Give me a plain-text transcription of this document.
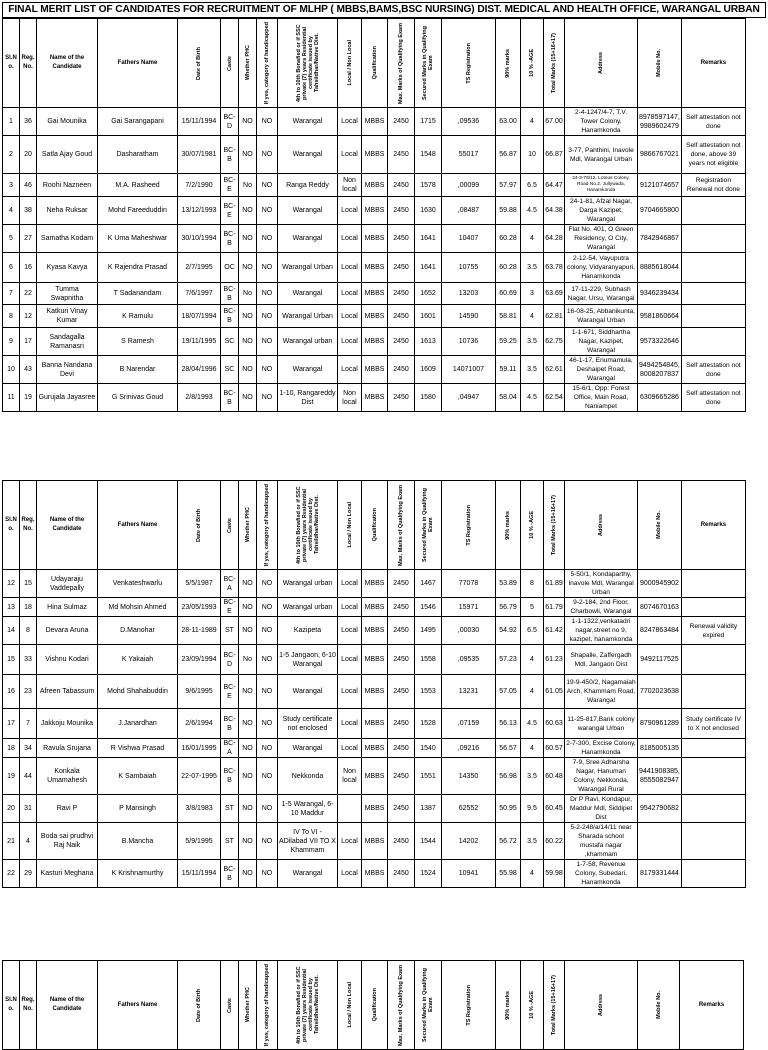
FINAL MERIT LIST OF CANDIDATES FOR RECRUITMENT OF MLHP ( MBBS,BAMS,BSC NURSING) DIST. MEDICAL AND HEALTH OFFICE, WARANGAL URBAN
Sl.N o.	Reg. No.	Name of the Candidate	Fathers Name	Date of Birth	Caste	Whether PHC	If yes, category of handicapped	4th to 10th Bonafied or if SSC private (7) years Residential certificate issued by Tahsildhar/Native Dist.	Local / Non Local	Qualification	Max. Marks of Qualifying Exam	Secured Marks in Qualifying Exam	TS Registration	90% marks	10 % -AGE	Total Marks (15+16+17)	Address	Mobile No.	Remarks
1	36	Gai Mounika	Gai Sarangapani	15/11/1994	BC-D	NO	NO	Warangal	Local	MBBS	2450	1715	,09536	63.00	4	67.00	2-4-1247/4-7, T.V. Tower Colony, Hanamkonda	8978597147, 9989602479	Self attestation not done
2	20	Satla Ajay Goud	Dasharatham	30/07/1981	BC-B	NO	NO	Warangal	Local	MBBS	2450	1548	55017	56.87	10	66.87	3-77, Panthini, Inavole Mdl, Warangal Urban	9866767021	Self attestation not done, above 39 years not eligible
3	46	Roohi Nazneen	M.A. Rasheed	7/2/1990	BC-E	No	NO	Ranga Reddy	Non local	MBBS	2450	1578	,00099	57.97	6.5	64.47	24-3-78/12, Lotous Colony, Road No.2, Jullywada, Hanamkonda	9121074657	Registration Renewal not done
4	38	Neha Ruksar	Mohd Fareeduddin	13/12/1993	BC-E	NO	NO	Warangal	Local	MBBS	2450	1630	,08487	59.88	4.5	64.38	24-1-81, Afzal Nagar, Darga Kazipet, Warangal	9704665800	
5	27	Samatha Kodam	K Uma Maheshwar	30/10/1994	BC-B	NO	NO	Warangal	Local	MBBS	2450	1641	10407	60.28	4	64.28	Flat No. 401, O Green Residency, O City, Warangal	7842946867	
6	16	Kyasa Kavya	K Rajendra Prasad	2/7/1995	OC	NO	NO	Warangal Urban	Local	MBBS	2450	1641	10755	60.28	3.5	63.78	2-12-54, Vayuputra colony, Vidyaranyapuri, Hanamkonda	8885618044	
7	22	Tumma Swapnitha	T Sadanandam	7/6/1997	BC-B	No	NO	Warangal	Local	MBBS	2450	1652	13203	60.69	3	63.69	17-11-229, Subhash Nagar, Ursu, Warangal	9346239434	
8	12	Katkuri Vinay Kumar	K Ramulu	18/07/1994	BC-B	NO	NO	Warangal Urban	Local	MBBS	2450	1601	14590	58.81	4	62.81	16-08-25, Abbanikunta, Warangal Urban	9581860664	
9	17	Sandagalla Ramanasri	S Ramesh	19/11/1995	SC	NO	NO	Warangal urban	Local	MBBS	2450	1613	10736	59.25	3.5	62.75	1-1-671, Siddhartha Nagar, Kazipet, Warangal	9573322646	
10	43	Banna Nandana Devi	B Narendar	28/04/1996	SC	NO	NO	Warangal	Local	MBBS	2450	1609	14071007	59.11	3.5	62.61	46-1-17, Enumamula, Deshaipet Road, Warangal	9494254845, 8008207837	Self attestation not done
11	19	Gurujala Jayasree	G Srinivas Goud	2/8/1993	BC-B	NO	NO	1-10, Rangareddy Dist	Non local	MBBS	2450	1580	,04947	58.04	4.5	62.54	15-6/1, Opp: Forest Office, Main Road, Naniampet	6309665286	Self attestation not done
Sl.N o.	Reg. No.	Name of the Candidate	Fathers Name	Date of Birth	Caste	Whether PHC	If yes, category of handicapped	4th to 10th Bonafied or if SSC private (7) years Residential certificate issued by Tahsildhar/Native Dist.	Local / Non Local	Qualification	Max. Marks of Qualifying Exam	Secured Marks in Qualifying Exam	TS Registration	90% marks	10 % -AGE	Total Marks (15+16+17)	Address	Mobile No.	Remarks
12	15	Udayaraju Vaddepally	Venkateshwarlu	5/5/1987	BC-A	NO	NO	Warangal urban	Local	MBBS	2450	1467	77078	53.89	8	61.89	5-50/1, Kondaparthy, Inavole Mdl, Warangal Urban	9000945902	
13	18	Hina Sulmaz	Md Mohsin Ahmed	23/05/1993	BC-E	NO	NO	Warangal urban	Local	MBBS	2450	1546	15971	56.79	5	61.79	9-2-184, 2nd Floor, Charbowli, Warangal	8074670163	
14	8	Devara Aruna	D.Manohar	28-11-1989	ST	NO	NO	Kazipeta	Local	MBBS	2450	1495	,00030	54.92	6.5	61.42	1-1-1322,venkatadri nagar,street no 9, kazipet, hanamkonda	8247863484	Renewal validity expired
15	33	Vishnu Kodari	K Yakaiah	23/09/1994	BC-D	No	NO	1-5 Jangaon, 6-10 Warangal	Local	MBBS	2450	1558	,09535	57.23	4	61.23	Shapalle, Zaffergadh Mdl, Jangaon Dist	9492117525	
16	23	Afreen Tabassum	Mohd Shahabuddin	9/6/1995	BC-E	NO	NO	Warangal	Local	MBBS	2450	1553	13231	57.05	4	61.05	19-9-450/2, Nagamaiah Arch, Khammam Road, Warangal	7702023638	
17	7	Jakkoju Mounika	J.Janardhan	2/6/1994	BC-B	NO	NO	Study certificate not enclosed	Local	MBBS	2450	1528	,07159	56.13	4.5	60.63	11-25-817,Bank colony warangal Urban	8790961289	Study certificate IV to X not enclosed
18	34	Ravula Srujana	R Vishwa Prasad	16/01/1995	BC-A	NO	NO	Warangal	Local	MBBS	2450	1540	,09216	56.57	4	60.57	2-7-300, Excise Colony, Hanamkonda	8185005135	
19	44	Konkala Umamahesh	K Sambaiah	22-07-1995	BC-B	NO	NO	Nekkonda	Non local	MBBS	2450	1551	14350	56.98	3.5	60.48	7-9, Sree Adharsha Nagar, Hanuman Colony, Nekkonda, Warangal Rural	9441908385, 8555082947	
20	31	Ravi P	P Mansingh	3/8/1983	ST	NO	NO	1-5 Warangal, 6-10 Maddur		MBBS	2450	1387	62552	50.95	9.5	60.45	Dr P Ravi, Kondapur, Maddur Mdl, Siddipet Dist	9542790682	
21	4	Boda sai prudhvi Raj Naik	B.Mancha	5/9/1995	ST	NO	NO	IV To VI - ADilabad VII TO X Khammam	Local	MBBS	2450	1544	14202	56.72	3.5	60.22	5-2-248/a/14/11 near Sharada school mustafa nagar ,khammam		
22	29	Kasturi Meghana	K Krishnamurthy	15/11/1994	BC-B	NO	NO	Warangal	Local	MBBS	2450	1524	10941	55.98	4	59.98	1-7-58, Revenue Colony, Subedari, Hanamkonda	8179331444	
Sl.N o.	Reg. No.	Name of the Candidate	Fathers Name	Date of Birth	Caste	Whether PHC	If yes, category of handicapped	4th to 10th Bonafied or if SSC private (7) years Residential certificate issued by Tahsildhar/Native Dist.	Local / Non Local	Qualification	Max. Marks of Qualifying Exam	Secured Marks in Qualifying Exam	TS Registration	90% marks	10 % -AGE	Total Marks (15+16+17)	Address	Mobile No.	Remarks
